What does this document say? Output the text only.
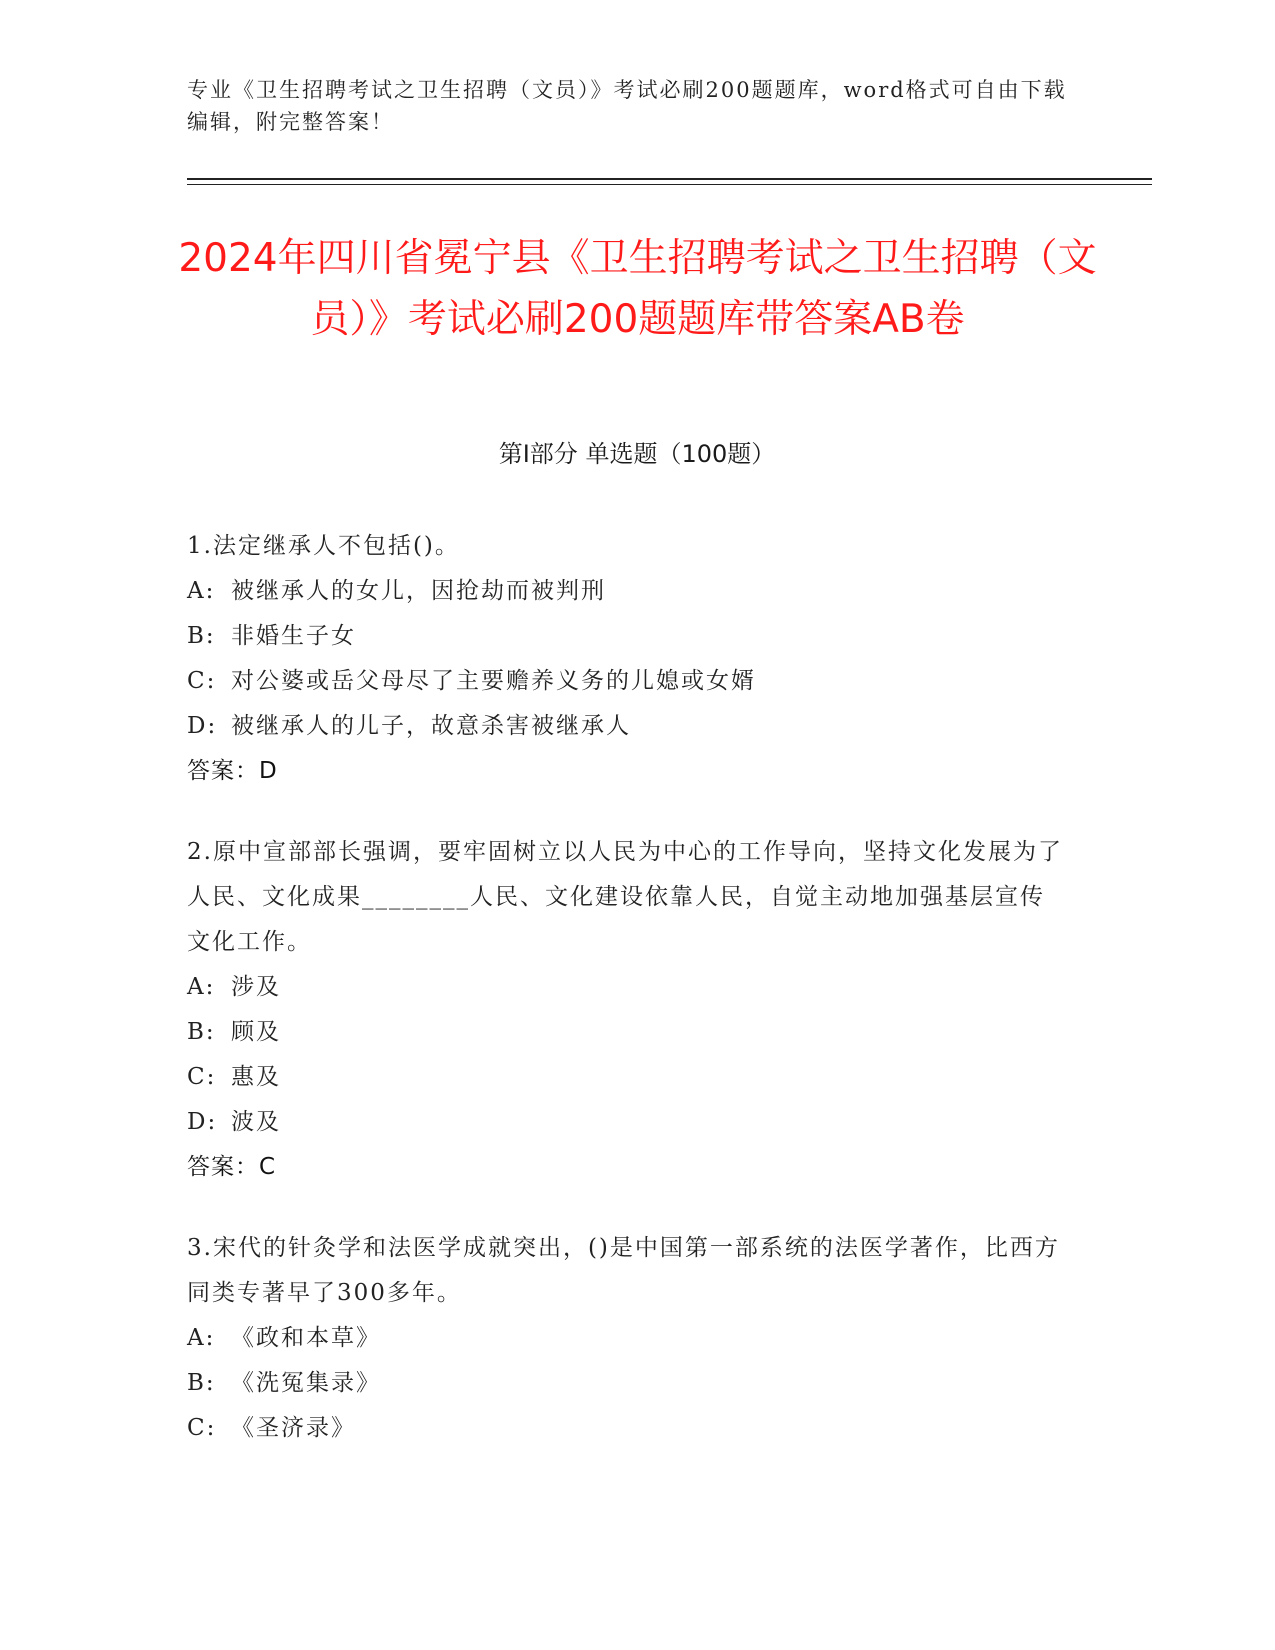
专业《卫生招聘考试之卫生招聘（文员）》考试必刷200题题库，word格式可自由下载编辑，附完整答案！
2024年四川省冕宁县《卫生招聘考试之卫生招聘（文员）》考试必刷200题题库带答案AB卷
第Ⅰ部分 单选题（100题）
1.法定继承人不包括()。
A: 被继承人的女儿，因抢劫而被判刑
B: 非婚生子女
C: 对公婆或岳父母尽了主要赡养义务的儿媳或女婿
D: 被继承人的儿子，故意杀害被继承人
答案：D
2.原中宣部部长强调，要牢固树立以人民为中心的工作导向，坚持文化发展为了人民、文化成果________人民、文化建设依靠人民，自觉主动地加强基层宣传文化工作。
A: 涉及
B: 顾及
C: 惠及
D: 波及
答案：C
3.宋代的针灸学和法医学成就突出，()是中国第一部系统的法医学著作，比西方同类专著早了300多年。
A: 《政和本草》
B: 《洗冤集录》
C: 《圣济录》
